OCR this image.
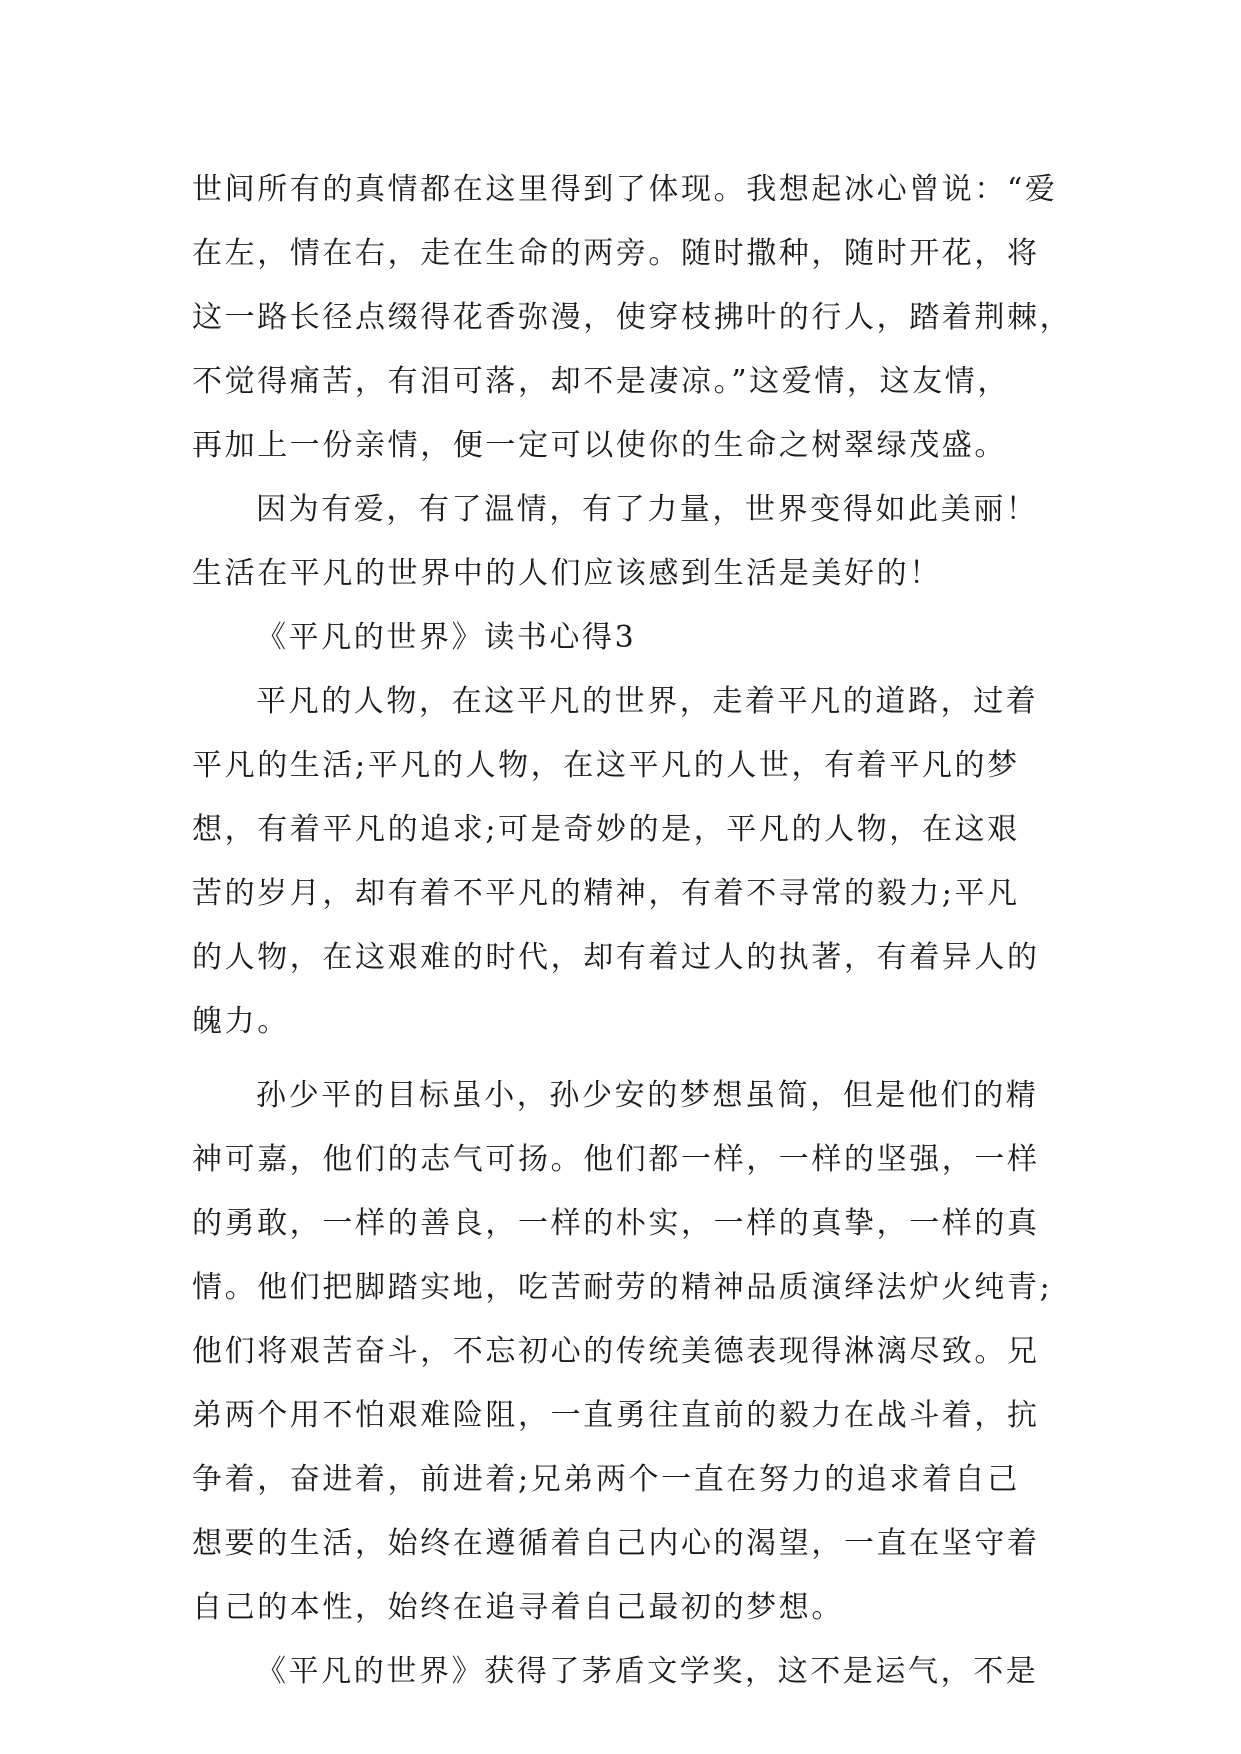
世间所有的真情都在这里得到了体现。我想起冰心曾说：“爱
在左，情在右，走在生命的两旁。随时撒种，随时开花，将
这一路长径点缀得花香弥漫，使穿枝拂叶的行人，踏着荆棘，
不觉得痛苦，有泪可落，却不是凄凉。”这爱情，这友情，
再加上一份亲情，便一定可以使你的生命之树翠绿茂盛。
因为有爱，有了温情，有了力量，世界变得如此美丽！
生活在平凡的世界中的人们应该感到生活是美好的！
《平凡的世界》读书心得3
平凡的人物，在这平凡的世界，走着平凡的道路，过着
平凡的生活;平凡的人物，在这平凡的人世，有着平凡的梦
想，有着平凡的追求;可是奇妙的是，平凡的人物，在这艰
苦的岁月，却有着不平凡的精神，有着不寻常的毅力;平凡
的人物，在这艰难的时代，却有着过人的执著，有着异人的
魄力。
孙少平的目标虽小，孙少安的梦想虽简，但是他们的精
神可嘉，他们的志气可扬。他们都一样，一样的坚强，一样
的勇敢，一样的善良，一样的朴实，一样的真挚，一样的真
情。他们把脚踏实地，吃苦耐劳的精神品质演绎法炉火纯青;
他们将艰苦奋斗，不忘初心的传统美德表现得淋漓尽致。兄
弟两个用不怕艰难险阻，一直勇往直前的毅力在战斗着，抗
争着，奋进着，前进着;兄弟两个一直在努力的追求着自己
想要的生活，始终在遵循着自己内心的渴望，一直在坚守着
自己的本性，始终在追寻着自己最初的梦想。
《平凡的世界》获得了茅盾文学奖，这不是运气，不是
